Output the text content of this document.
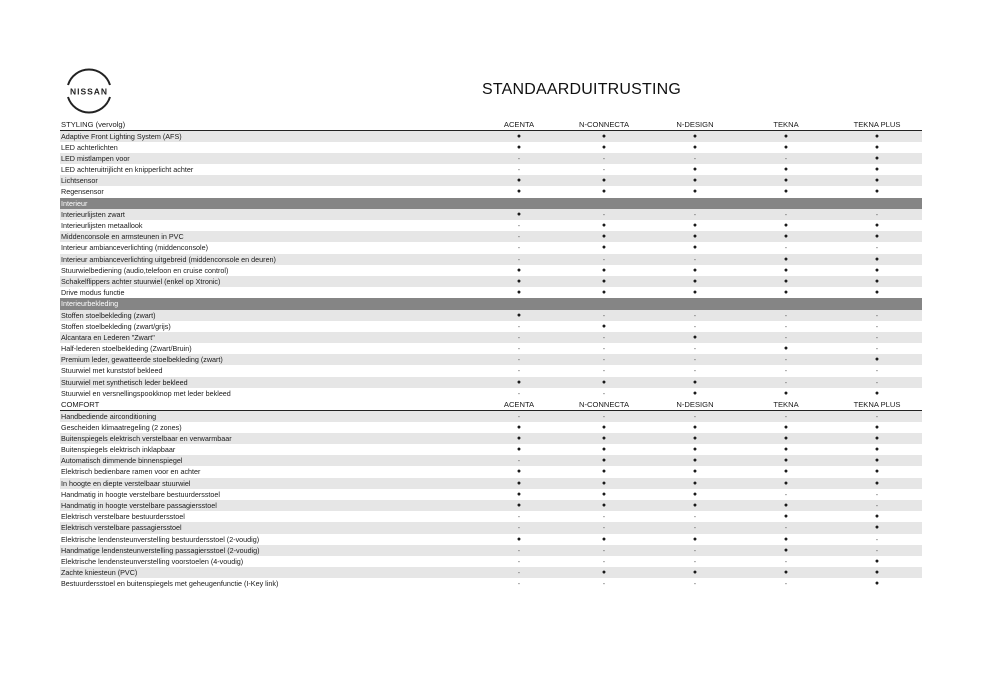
NISSAN	STANDAARDUITRUSTING
STYLING (vervolg)	ACENTA	N-CONNECTA	N-DESIGN	TEKNA	TEKNA PLUS
Adaptive Front Lighting System (AFS)	●	●	●	●	●
LED achterlichten	●	●	●	●	●
LED mistlampen voor	-	-	-	-	●
LED achteruitrijlicht en knipperlicht achter	-	-	●	●	●
Lichtsensor	●	●	●	●	●
Regensensor	●	●	●	●	●
Interieur
Interieurlijsten zwart	●	-	-	-	-
Interieurlijsten metaallook	-	●	●	●	●
Middenconsole en armsteunen in PVC	-	●	●	●	●
Interieur ambianceverlichting (middenconsole)	-	●	●	-	-
Interieur ambianceverlichting uitgebreid (middenconsole en deuren)	-	-	-	●	●
Stuurwielbediening (audio,telefoon en cruise control)	●	●	●	●	●
Schakelflippers achter stuurwiel (enkel op Xtronic)	●	●	●	●	●
Drive modus functie	●	●	●	●	●
Interieurbekleding
Stoffen stoelbekleding (zwart)	●	-	-	-	-
Stoffen stoelbekleding (zwart/grijs)	-	●	-	-	-
Alcantara en Lederen "Zwart"	-	-	●	-	-
Half-lederen stoelbekleding (Zwart/Bruin)	-	-	-	●	-
Premium leder, gewatteerde stoelbekleding (zwart)	-	-	-	-	●
Stuurwiel met kunststof bekleed	-	-	-	-	-
Stuurwiel met synthetisch leder bekleed	●	●	●	-	-
Stuurwiel en versnellingspookknop met leder bekleed	-	-	●	●	●
COMFORT	ACENTA	N-CONNECTA	N-DESIGN	TEKNA	TEKNA PLUS
Handbediende airconditioning	-	-	-	-	-
Gescheiden klimaatregeling (2 zones)	●	●	●	●	●
Buitenspiegels elektrisch verstelbaar en verwarmbaar	●	●	●	●	●
Buitenspiegels elektrisch inklapbaar	●	●	●	●	●
Automatisch dimmende binnenspiegel	-	●	●	●	●
Elektrisch bedienbare ramen voor en achter	●	●	●	●	●
In hoogte en diepte verstelbaar stuurwiel	●	●	●	●	●
Handmatig in hoogte verstelbare bestuurdersstoel	●	●	●	-	-
Handmatig in hoogte verstelbare passagiersstoel	●	●	●	●	-
Elektrisch verstelbare bestuurdersstoel	-	-	-	●	●
Elektrisch verstelbare passagiersstoel	-	-	-	-	●
Elektrische lendensteunverstelling bestuurdersstoel (2-voudig)	●	●	●	●	-
Handmatige lendensteunverstelling passagiersstoel (2-voudig)	-	-	-	●	-
Elektrische lendensteunverstelling voorstoelen (4-voudig)	-	-	-	-	●
Zachte kniesteun (PVC)	-	●	●	●	●
Bestuurdersstoel en buitenspiegels met geheugenfunctie (I-Key link)	-	-	-	-	●
